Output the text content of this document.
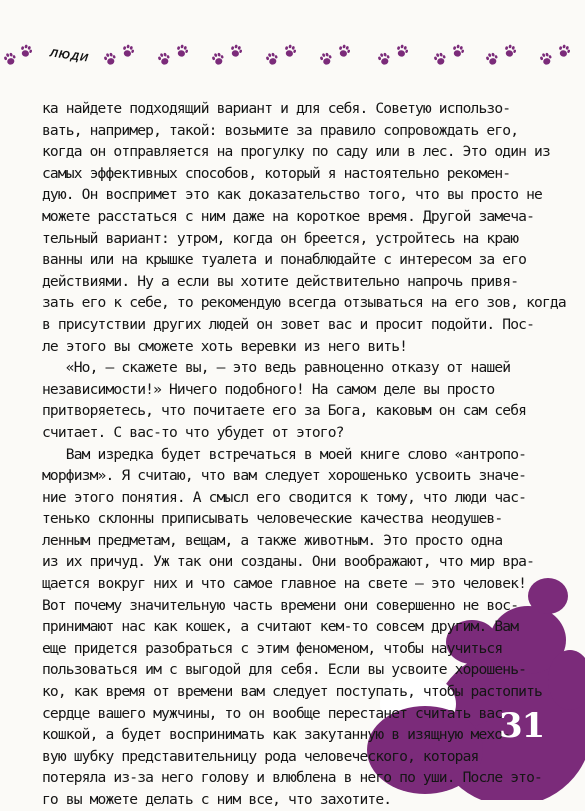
ЛЮДИ
ка найдете подходящий вариант и для себя. Советую использо-
вать, например, такой: возьмите за правило сопровождать его,
когда он отправляется на прогулку по саду или в лес. Это один из
самых эффективных способов, который я настоятельно рекомен-
дую. Он воспримет это как доказательство того, что вы просто не
можете расстаться с ним даже на короткое время. Другой замеча-
тельный вариант: утром, когда он бреется, устройтесь на краю
ванны или на крышке туалета и понаблюдайте с интересом за его
действиями. Ну а если вы хотите действительно напрочь привя-
зать его к себе, то рекомендую всегда отзываться на его зов, когда
в присутствии других людей он зовет вас и просит подойти. Пос-
ле этого вы сможете хоть веревки из него вить!
«Но, — скажете вы, — это ведь равноценно отказу от нашей
независимости!» Ничего подобного! На самом деле вы просто
притворяетесь, что почитаете его за Бога, каковым он сам себя
считает. С вас-то что убудет от этого?
Вам изредка будет встречаться в моей книге слово «антропо-
морфизм». Я считаю, что вам следует хорошенько усвоить значе-
ние этого понятия. А смысл его сводится к тому, что люди час-
тенько склонны приписывать человеческие качества неодушев-
ленным предметам, вещам, а также животным. Это просто одна
из их причуд. Уж так они созданы. Они воображают, что мир вра-
щается вокруг них и что самое главное на свете — это человек!
Вот почему значительную часть времени они совершенно не вос-
принимают нас как кошек, а считают кем-то совсем другим. Вам
еще придется разобраться с этим феноменом, чтобы научиться
пользоваться им с выгодой для себя. Если вы усвоите хорошень-
ко, как время от времени вам следует поступать, чтобы растопить
сердце вашего мужчины, то он вообще перестанет считать вас
кошкой, а будет воспринимать как закутанную в изящную мехо-
вую шубку представительницу рода человеческого, которая
потеряла из-за него голову и влюблена в него по уши. После это-
го вы можете делать с ним все, что захотите.
31
